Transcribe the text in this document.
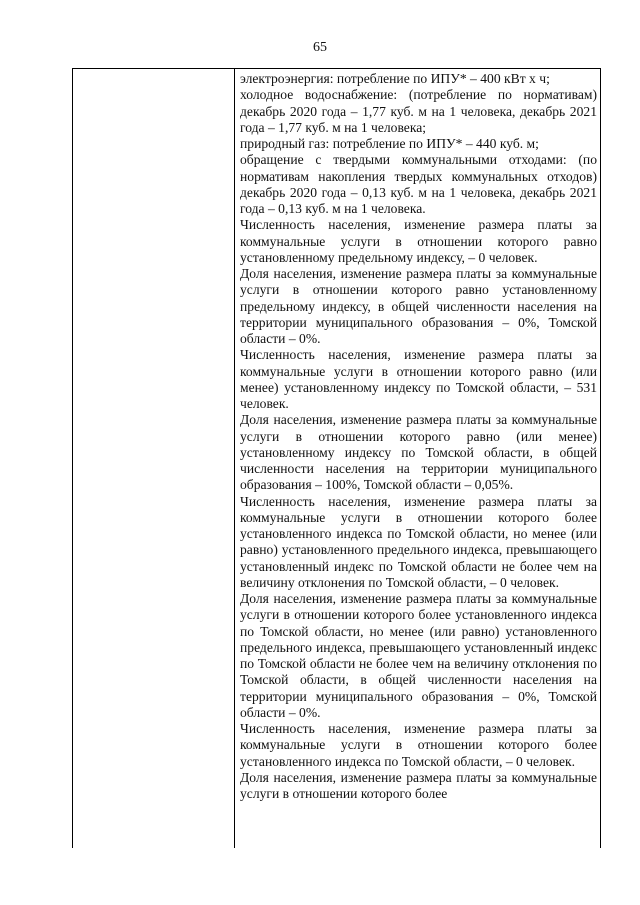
65

электроэнергия: потребление по ИПУ* – 400 кВт х ч;

холодное водоснабжение: (потребление по нормативам) декабрь 2020 года – 1,77 куб. м на 1 человека, декабрь 2021 года – 1,77 куб. м на 1 человека;

природный газ: потребление по ИПУ* – 440 куб. м;

обращение с твердыми коммунальными отходами: (по нормативам накопления твердых коммунальных отходов) декабрь 2020 года – 0,13 куб. м на 1 человека, декабрь 2021 года – 0,13 куб. м на 1 человека.

Численность населения, изменение размера платы за коммунальные услуги в отношении которого равно установленному предельному индексу, – 0 человек.

Доля населения, изменение размера платы за коммунальные услуги в отношении которого равно установленному предельному индексу, в общей численности населения на территории муниципального образования – 0%, Томской области – 0%.

Численность населения, изменение размера платы за коммунальные услуги в отношении которого равно (или менее) установленному индексу по Томской области, – 531 человек.

Доля населения, изменение размера платы за коммунальные услуги в отношении которого равно (или менее) установленному индексу по Томской области, в общей численности населения на территории муниципального образования – 100%, Томской области – 0,05%.

Численность населения, изменение размера платы за коммунальные услуги в отношении которого более установленного индекса по Томской области, но менее (или равно) установленного предельного индекса, превышающего установленный индекс по Томской области не более чем на величину отклонения по Томской области, – 0 человек.

Доля населения, изменение размера платы за коммунальные услуги в отношении которого более установленного индекса по Томской области, но менее (или равно) установленного предельного индекса, превышающего установленный индекс по Томской области не более чем на величину отклонения по Томской области, в общей численности населения на территории муниципального образования – 0%, Томской области – 0%.

Численность населения, изменение размера платы за коммунальные услуги в отношении которого более установленного индекса по Томской области, – 0 человек.

Доля населения, изменение размера платы за коммунальные услуги в отношении которого более
